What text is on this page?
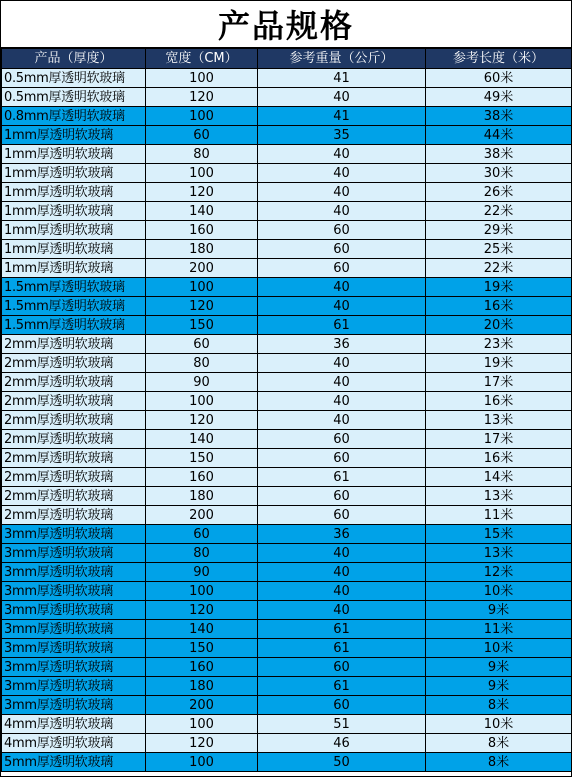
产品规格
产品（厚度）	宽度（CM）	参考重量（公斤）	参考长度（米）
0.5mm厚透明软玻璃	100	41	60米
0.5mm厚透明软玻璃	120	40	49米
0.8mm厚透明软玻璃	100	41	38米
1mm厚透明软玻璃	60	35	44米
1mm厚透明软玻璃	80	40	38米
1mm厚透明软玻璃	100	40	30米
1mm厚透明软玻璃	120	40	26米
1mm厚透明软玻璃	140	40	22米
1mm厚透明软玻璃	160	60	29米
1mm厚透明软玻璃	180	60	25米
1mm厚透明软玻璃	200	60	22米
1.5mm厚透明软玻璃	100	40	19米
1.5mm厚透明软玻璃	120	40	16米
1.5mm厚透明软玻璃	150	61	20米
2mm厚透明软玻璃	60	36	23米
2mm厚透明软玻璃	80	40	19米
2mm厚透明软玻璃	90	40	17米
2mm厚透明软玻璃	100	40	16米
2mm厚透明软玻璃	120	40	13米
2mm厚透明软玻璃	140	60	17米
2mm厚透明软玻璃	150	60	16米
2mm厚透明软玻璃	160	61	14米
2mm厚透明软玻璃	180	60	13米
2mm厚透明软玻璃	200	60	11米
3mm厚透明软玻璃	60	36	15米
3mm厚透明软玻璃	80	40	13米
3mm厚透明软玻璃	90	40	12米
3mm厚透明软玻璃	100	40	10米
3mm厚透明软玻璃	120	40	9米
3mm厚透明软玻璃	140	61	11米
3mm厚透明软玻璃	150	61	10米
3mm厚透明软玻璃	160	60	9米
3mm厚透明软玻璃	180	61	9米
3mm厚透明软玻璃	200	60	8米
4mm厚透明软玻璃	100	51	10米
4mm厚透明软玻璃	120	46	8米
5mm厚透明软玻璃	100	50	8米
